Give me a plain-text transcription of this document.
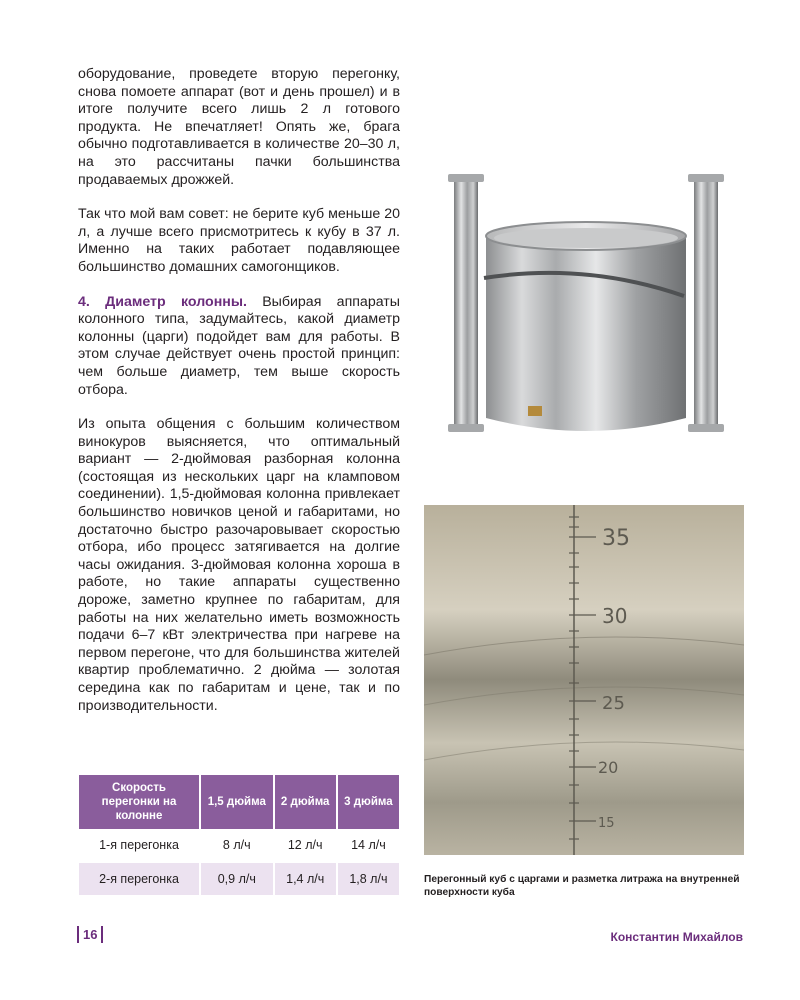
оборудование, проведете вторую перегонку, снова помоете аппарат (вот и день прошел) и в итоге получите всего лишь 2 л готового продукта. Не впечатляет! Опять же, брага обычно подготавливается в количестве 20–30 л, на это рассчитаны пачки большинства продаваемых дрожжей.

Так что мой вам совет: не берите куб меньше 20 л, а лучше всего присмотритесь к кубу в 37 л. Именно на таких работает подавляющее большинство домашних самогонщиков.

4. Диаметр колонны. Выбирая аппараты колонного типа, задумайтесь, какой диаметр колонны (царги) подойдет вам для работы. В этом случае действует очень простой принцип: чем больше диаметр, тем выше скорость отбора.

Из опыта общения с большим количеством винокуров выясняется, что оптимальный вариант — 2-дюймовая разборная колонна (состоящая из нескольких царг на кламповом соединении). 1,5-дюймовая колонна привлекает большинство новичков ценой и габаритами, но достаточно быстро разочаровывает скоростью отбора, ибо процесс затягивается на долгие часы ожидания. 3-дюймовая колонна хороша в работе, но такие аппараты существенно дороже, заметно крупнее по габаритам, для работы на них желательно иметь возможность подачи 6–7 кВт электричества при нагреве на первом перегоне, что для большинства жителей квартир проблематично. 2 дюйма — золотая середина как по габаритам и цене, так и по производительности.

35
30
25
20
15
Перегонный куб с царгами и разметка литража на внутренней поверхности куба
Скорость перегонки на колонне	1,5 дюйма	2 дюйма	3 дюйма
1-я перегонка	8 л/ч	12 л/ч	14 л/ч
2-я перегонка	0,9 л/ч	1,4 л/ч	1,8 л/ч
16	Константин Михайлов
